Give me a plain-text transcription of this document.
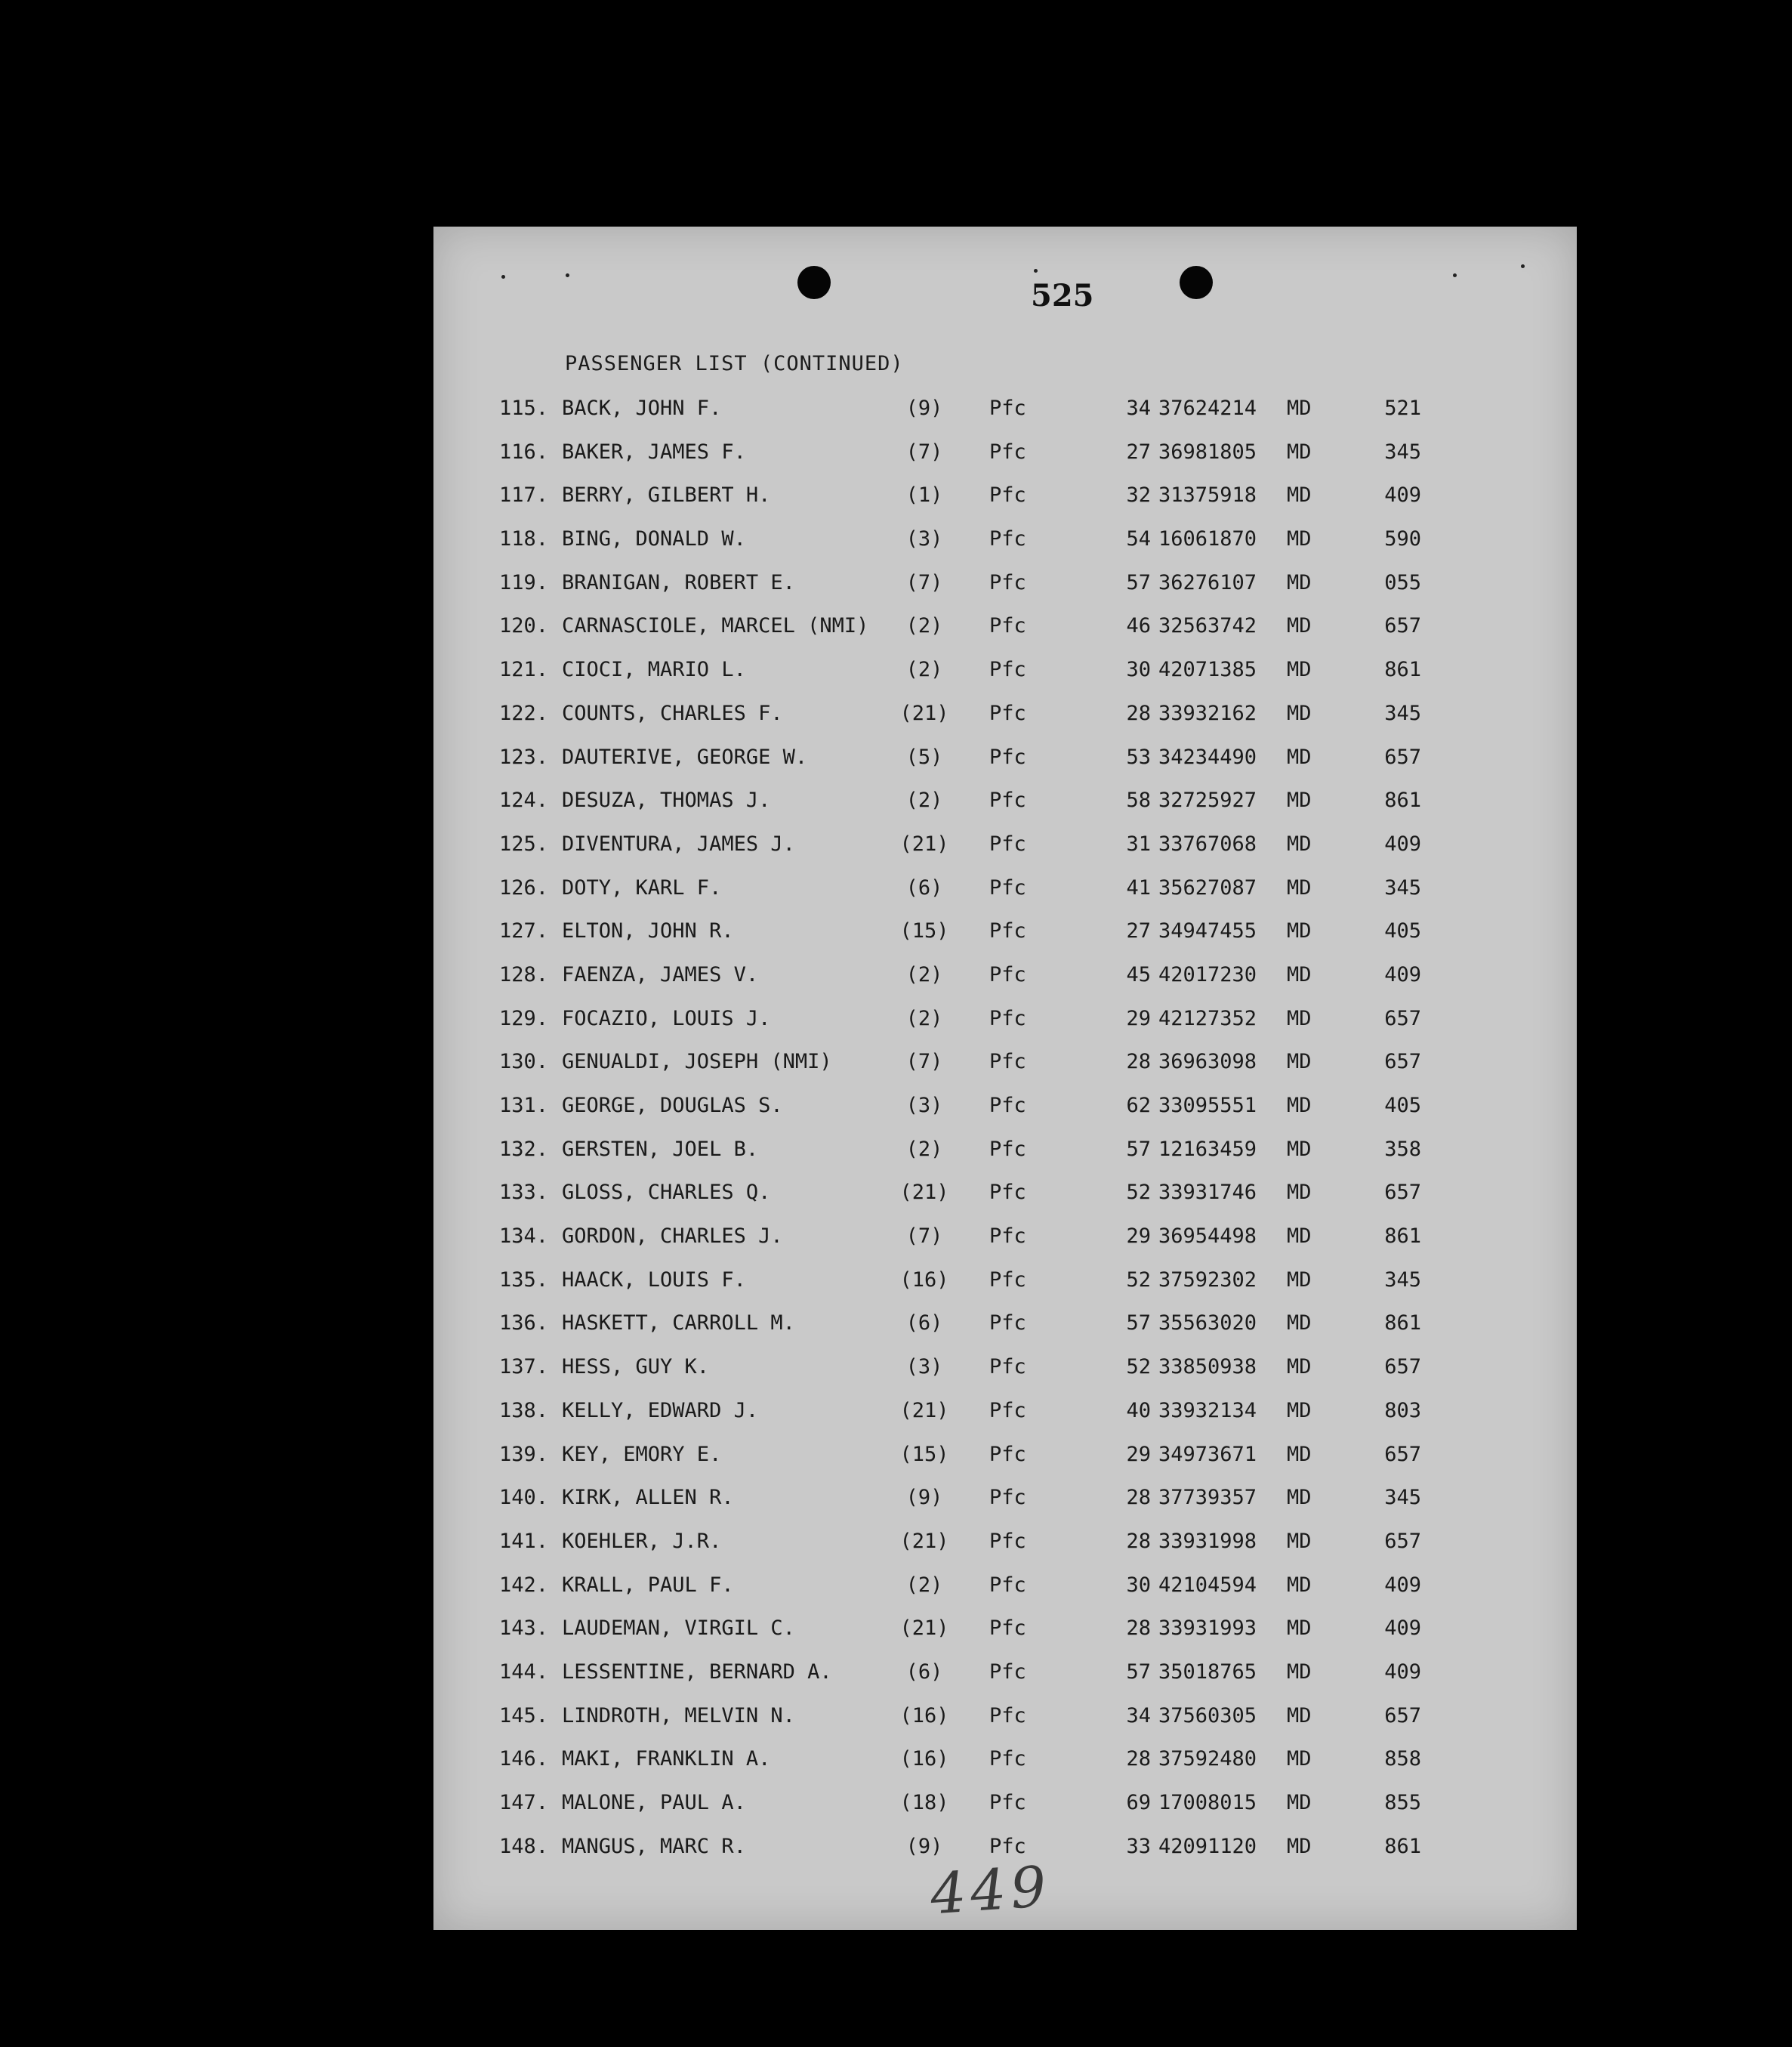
PASSENGER LIST (CONTINUED)
115. BACK, JOHN F.	(9)	Pfc	34 37624214 MD	521
116. BAKER, JAMES F.	(7)	Pfc	27 36981805 MD	345
117. BERRY, GILBERT H.	(1)	Pfc	32 31375918 MD	409
118. BING, DONALD W.	(3)	Pfc	54 16061870 MD	590
119. BRANIGAN, ROBERT E.	(7)	Pfc	57 36276107 MD	055
120. CARNASCIOLE, MARCEL (NMI)	(2)	Pfc	46 32563742 MD	657
121. CIOCI, MARIO L.	(2)	Pfc	30 42071385 MD	861
122. COUNTS, CHARLES F.	(21)	Pfc	28 33932162 MD	345
123. DAUTERIVE, GEORGE W.	(5)	Pfc	53 34234490 MD	657
124. DESUZA, THOMAS J.	(2)	Pfc	58 32725927 MD	861
125. DIVENTURA, JAMES J.	(21)	Pfc	31 33767068 MD	409
126. DOTY, KARL F.	(6)	Pfc	41 35627087 MD	345
127. ELTON, JOHN R.	(15)	Pfc	27 34947455 MD	405
128. FAENZA, JAMES V.	(2)	Pfc	45 42017230 MD	409
129. FOCAZIO, LOUIS J.	(2)	Pfc	29 42127352 MD	657
130. GENUALDI, JOSEPH (NMI)	(7)	Pfc	28 36963098 MD	657
131. GEORGE, DOUGLAS S.	(3)	Pfc	62 33095551 MD	405
132. GERSTEN, JOEL B.	(2)	Pfc	57 12163459 MD	358
133. GLOSS, CHARLES Q.	(21)	Pfc	52 33931746 MD	657
134. GORDON, CHARLES J.	(7)	Pfc	29 36954498 MD	861
135. HAACK, LOUIS F.	(16)	Pfc	52 37592302 MD	345
136. HASKETT, CARROLL M.	(6)	Pfc	57 35563020 MD	861
137. HESS, GUY K.	(3)	Pfc	52 33850938 MD	657
138. KELLY, EDWARD J.	(21)	Pfc	40 33932134 MD	803
139. KEY, EMORY E.	(15)	Pfc	29 34973671 MD	657
140. KIRK, ALLEN R.	(9)	Pfc	28 37739357 MD	345
141. KOEHLER, J.R.	(21)	Pfc	28 33931998 MD	657
142. KRALL, PAUL F.	(2)	Pfc	30 42104594 MD	409
143. LAUDEMAN, VIRGIL C.	(21)	Pfc	28 33931993 MD	409
144. LESSENTINE, BERNARD A.	(6)	Pfc	57 35018765 MD	409
145. LINDROTH, MELVIN N.	(16)	Pfc	34 37560305 MD	657
146. MAKI, FRANKLIN A.	(16)	Pfc	28 37592480 MD	858
147. MALONE, PAUL A.	(18)	Pfc	69 17008015 MD	855
148. MANGUS, MARC R.	(9)	Pfc	33 42091120 MD	861
449
525
